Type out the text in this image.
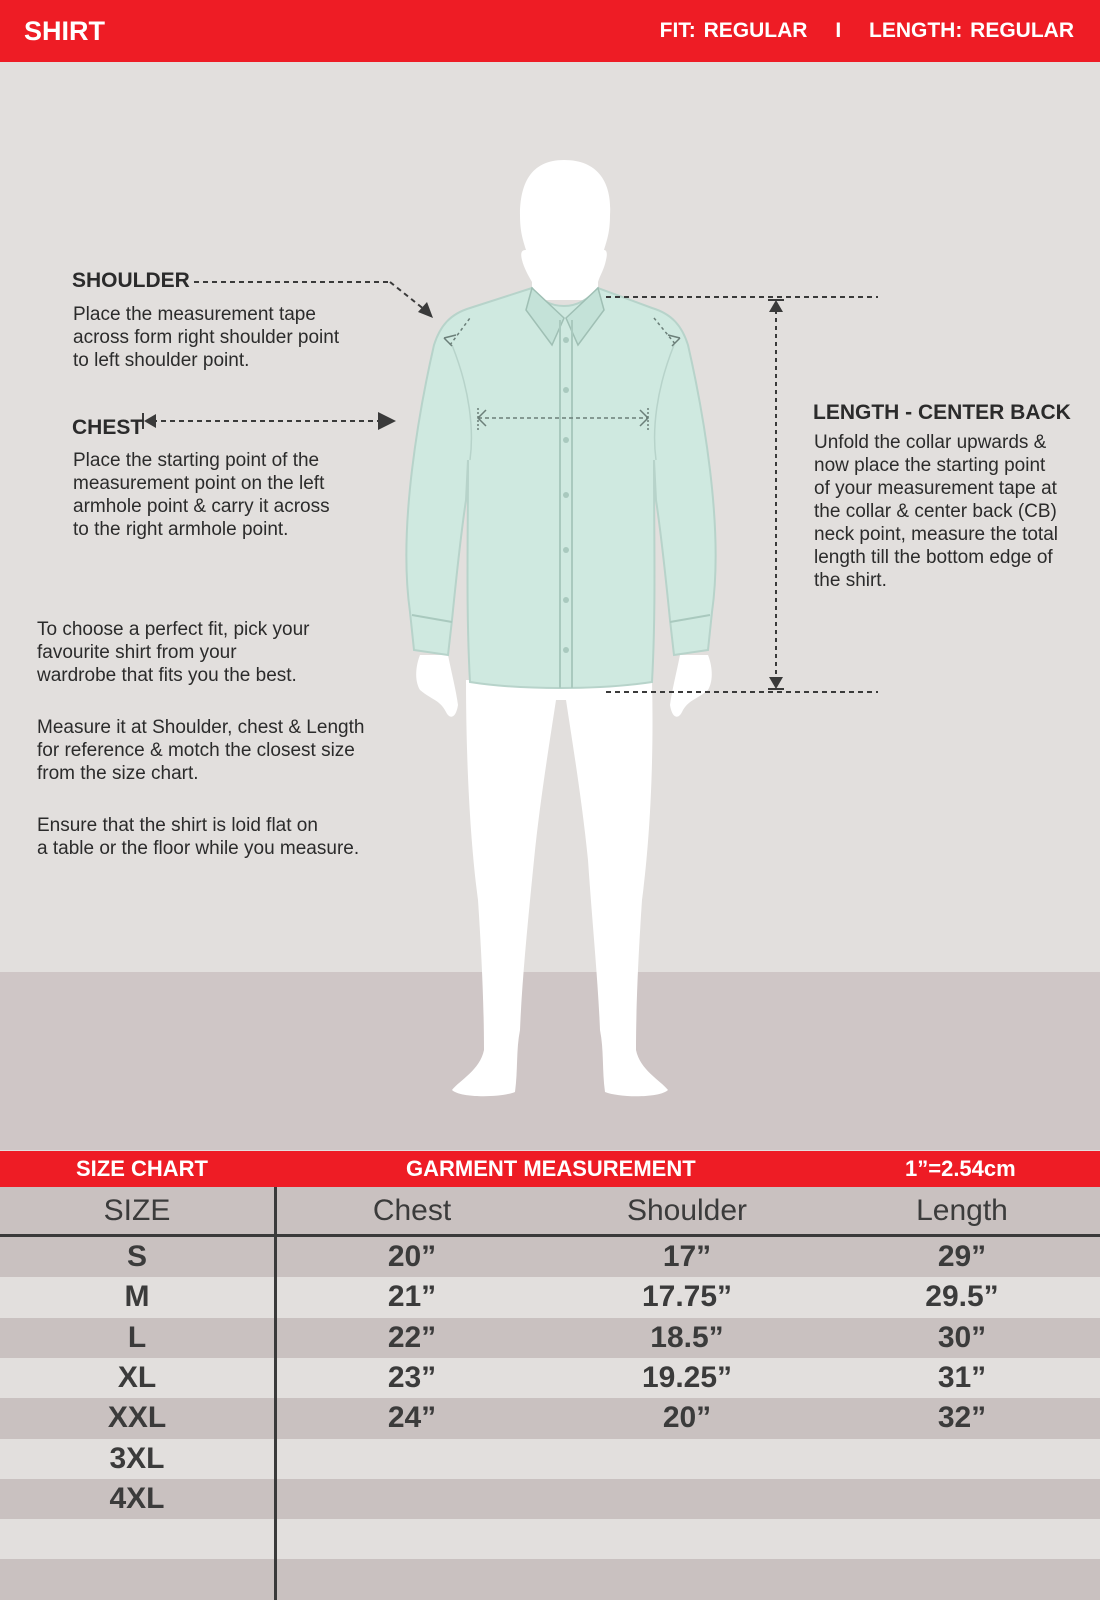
SHIRT	FIT: REGULAR I LENGTH: REGULAR
SHOULDER
Place the measurement tape
across form right shoulder point
to left shoulder point.
CHEST
Place the starting point of the
measurement point on the left
armhole point & carry it across
to the right armhole point.
LENGTH - CENTER BACK
Unfold the collar upwards &
now place the starting point
of your measurement tape at
the collar & center back (CB)
neck point, measure the total
length till the bottom edge of
the shirt.
To choose a perfect fit, pick your
favourite shirt from your
wardrobe that fits you the best.
Measure it at Shoulder, chest & Length
for reference & motch the closest size
from the size chart.
Ensure that the shirt is loid flat on
a table or the floor while you measure.
SIZE CHART	GARMENT MEASUREMENT	1”=2.54cm
SIZE	Chest	Shoulder	Length
S	20”	17”	29”
M	21”	17.75”	29.5”
L	22”	18.5”	30”
XL	23”	19.25”	31”
XXL	24”	20”	32”
3XL
4XL
